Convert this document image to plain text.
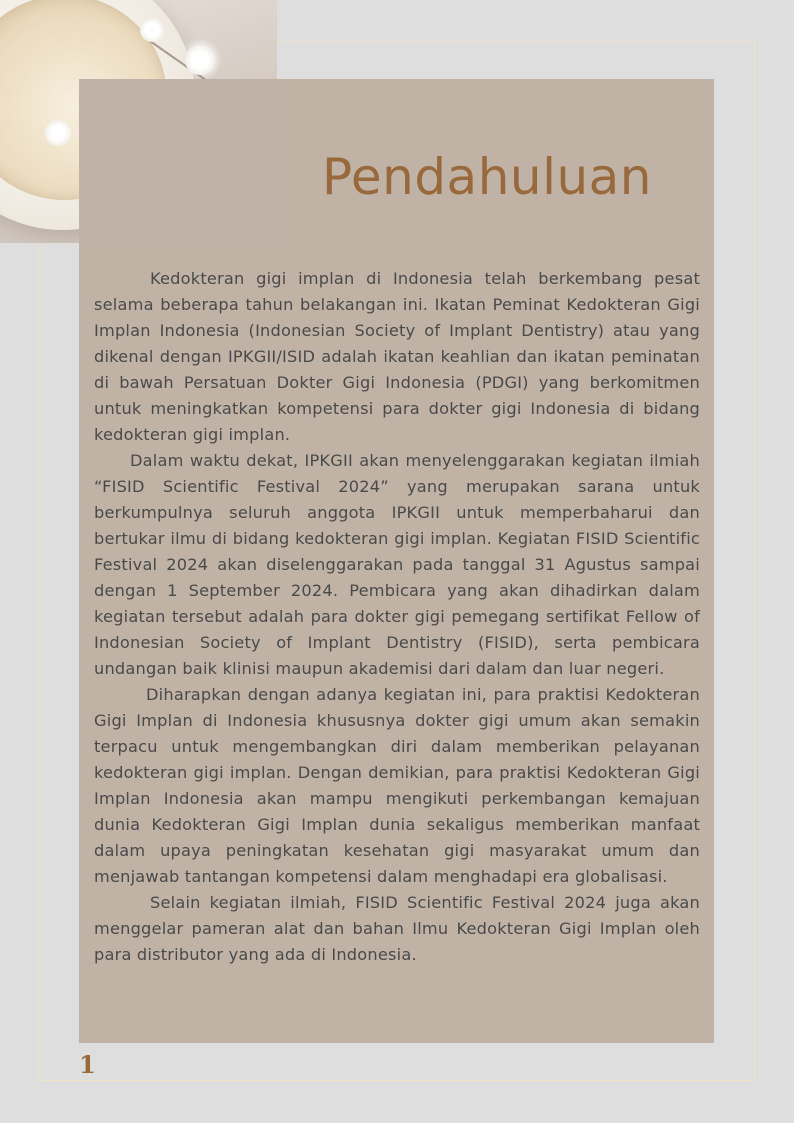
Pendahuluan

Kedokteran gigi implan di Indonesia telah berkembang pesat selama beberapa tahun belakangan ini. Ikatan Peminat Kedokteran Gigi Implan Indonesia (Indonesian Society of Implant Dentistry) atau yang dikenal dengan IPKGII/ISID adalah ikatan keahlian dan ikatan peminatan di bawah Persatuan Dokter Gigi Indonesia (PDGI) yang berkomitmen untuk meningkatkan kompetensi para dokter gigi Indonesia di bidang kedokteran gigi implan.

Dalam waktu dekat, IPKGII akan menyelenggarakan kegiatan ilmiah “FISID Scientific Festival 2024” yang merupakan sarana untuk berkumpulnya seluruh anggota IPKGII untuk memperbaharui dan bertukar ilmu di bidang kedokteran gigi implan. Kegiatan FISID Scientific Festival 2024 akan diselenggarakan pada tanggal 31 Agustus sampai dengan 1 September 2024. Pembicara yang akan dihadirkan dalam kegiatan tersebut adalah para dokter gigi pemegang sertifikat Fellow of Indonesian Society of Implant Dentistry (FISID), serta pembicara undangan baik klinisi maupun akademisi dari dalam dan luar negeri.

Diharapkan dengan adanya kegiatan ini, para praktisi Kedokteran Gigi Implan di Indonesia khususnya dokter gigi umum akan semakin terpacu untuk mengembangkan diri dalam memberikan pelayanan kedokteran gigi implan. Dengan demikian, para praktisi Kedokteran Gigi Implan Indonesia akan mampu mengikuti perkembangan kemajuan dunia Kedokteran Gigi Implan dunia sekaligus memberikan manfaat dalam upaya peningkatan kesehatan gigi masyarakat umum dan menjawab tantangan kompetensi dalam menghadapi era globalisasi.

Selain kegiatan ilmiah, FISID Scientific Festival 2024 juga akan menggelar pameran alat dan bahan Ilmu Kedokteran Gigi Implan oleh para distributor yang ada di Indonesia.

1
